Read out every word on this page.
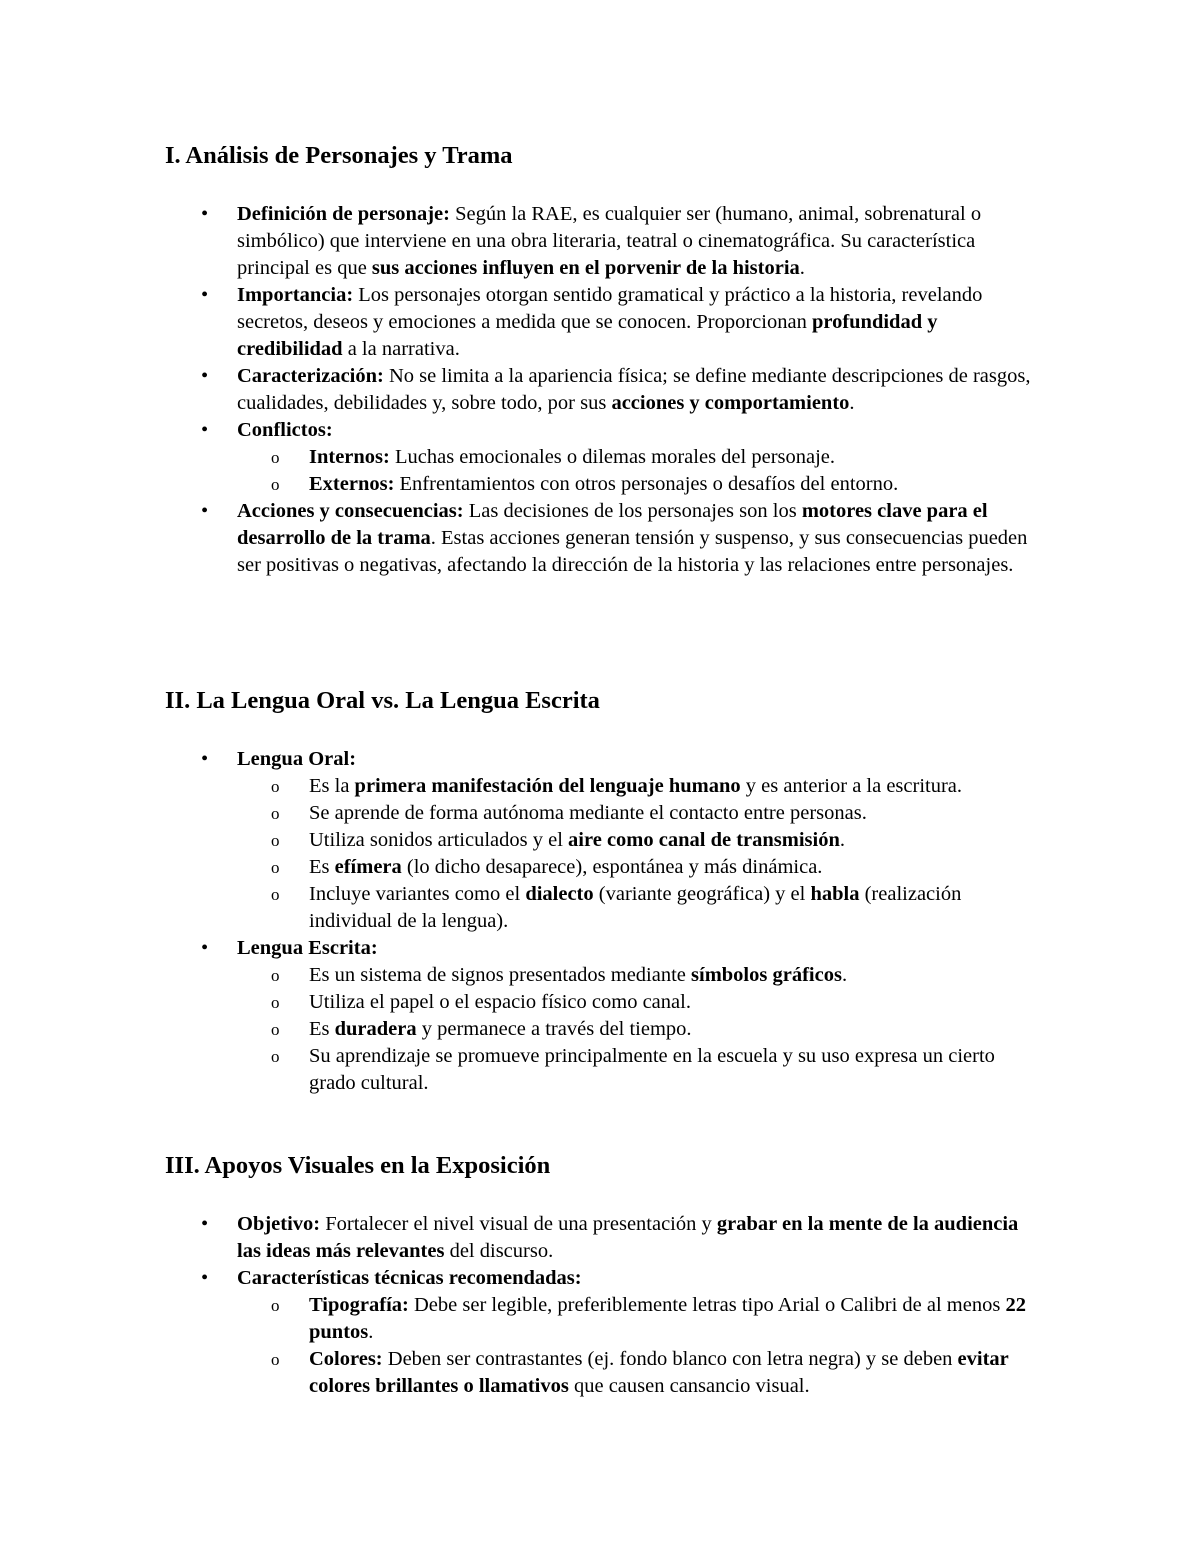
I. Análisis de Personajes y Trama
•	Definición de personaje: Según la RAE, es cualquier ser (humano, animal, sobrenatural o simbólico) que interviene en una obra literaria, teatral o cinematográfica. Su característica principal es que sus acciones influyen en el porvenir de la historia.
•	Importancia: Los personajes otorgan sentido gramatical y práctico a la historia, revelando secretos, deseos y emociones a medida que se conocen. Proporcionan profundidad y credibilidad a la narrativa.
•	Caracterización: No se limita a la apariencia física; se define mediante descripciones de rasgos, cualidades, debilidades y, sobre todo, por sus acciones y comportamiento.
•	Conflictos:
o	Internos: Luchas emocionales o dilemas morales del personaje.
o	Externos: Enfrentamientos con otros personajes o desafíos del entorno.
•	Acciones y consecuencias: Las decisiones de los personajes son los motores clave para el desarrollo de la trama. Estas acciones generan tensión y suspenso, y sus consecuencias pueden ser positivas o negativas, afectando la dirección de la historia y las relaciones entre personajes.
II. La Lengua Oral vs. La Lengua Escrita
•	Lengua Oral:
o	Es la primera manifestación del lenguaje humano y es anterior a la escritura.
o	Se aprende de forma autónoma mediante el contacto entre personas.
o	Utiliza sonidos articulados y el aire como canal de transmisión.
o	Es efímera (lo dicho desaparece), espontánea y más dinámica.
o	Incluye variantes como el dialecto (variante geográfica) y el habla (realización individual de la lengua).
•	Lengua Escrita:
o	Es un sistema de signos presentados mediante símbolos gráficos.
o	Utiliza el papel o el espacio físico como canal.
o	Es duradera y permanece a través del tiempo.
o	Su aprendizaje se promueve principalmente en la escuela y su uso expresa un cierto grado cultural.
III. Apoyos Visuales en la Exposición
•	Objetivo: Fortalecer el nivel visual de una presentación y grabar en la mente de la audiencia las ideas más relevantes del discurso.
•	Características técnicas recomendadas:
o	Tipografía: Debe ser legible, preferiblemente letras tipo Arial o Calibri de al menos 22 puntos.
o	Colores: Deben ser contrastantes (ej. fondo blanco con letra negra) y se deben evitar colores brillantes o llamativos que causen cansancio visual.
